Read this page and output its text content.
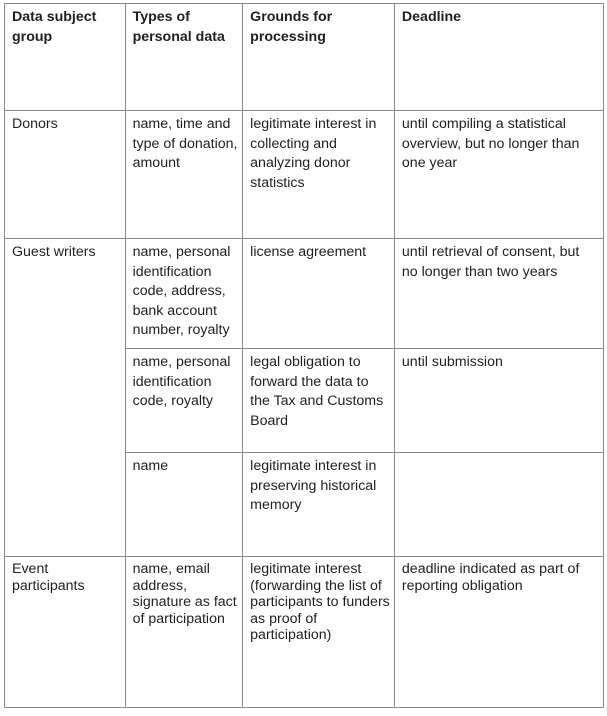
Data subject group	Types of personal data	Grounds for processing	Deadline
Donors	name, time and type of donation, amount	legitimate interest in collecting and analyzing donor statistics	until compiling a statistical overview, but no longer than one year
Guest writers	name, personal identification code, address, bank account number, royalty	license agreement	until retrieval of consent, but no longer than two years
	name, personal identification code, royalty	legal obligation to forward the data to the Tax and Customs Board	until submission
	name	legitimate interest in preserving historical memory	
Event participants	name, email address, signature as fact of participation	legitimate interest (forwarding the list of participants to funders as proof of participation)	deadline indicated as part of reporting obligation
